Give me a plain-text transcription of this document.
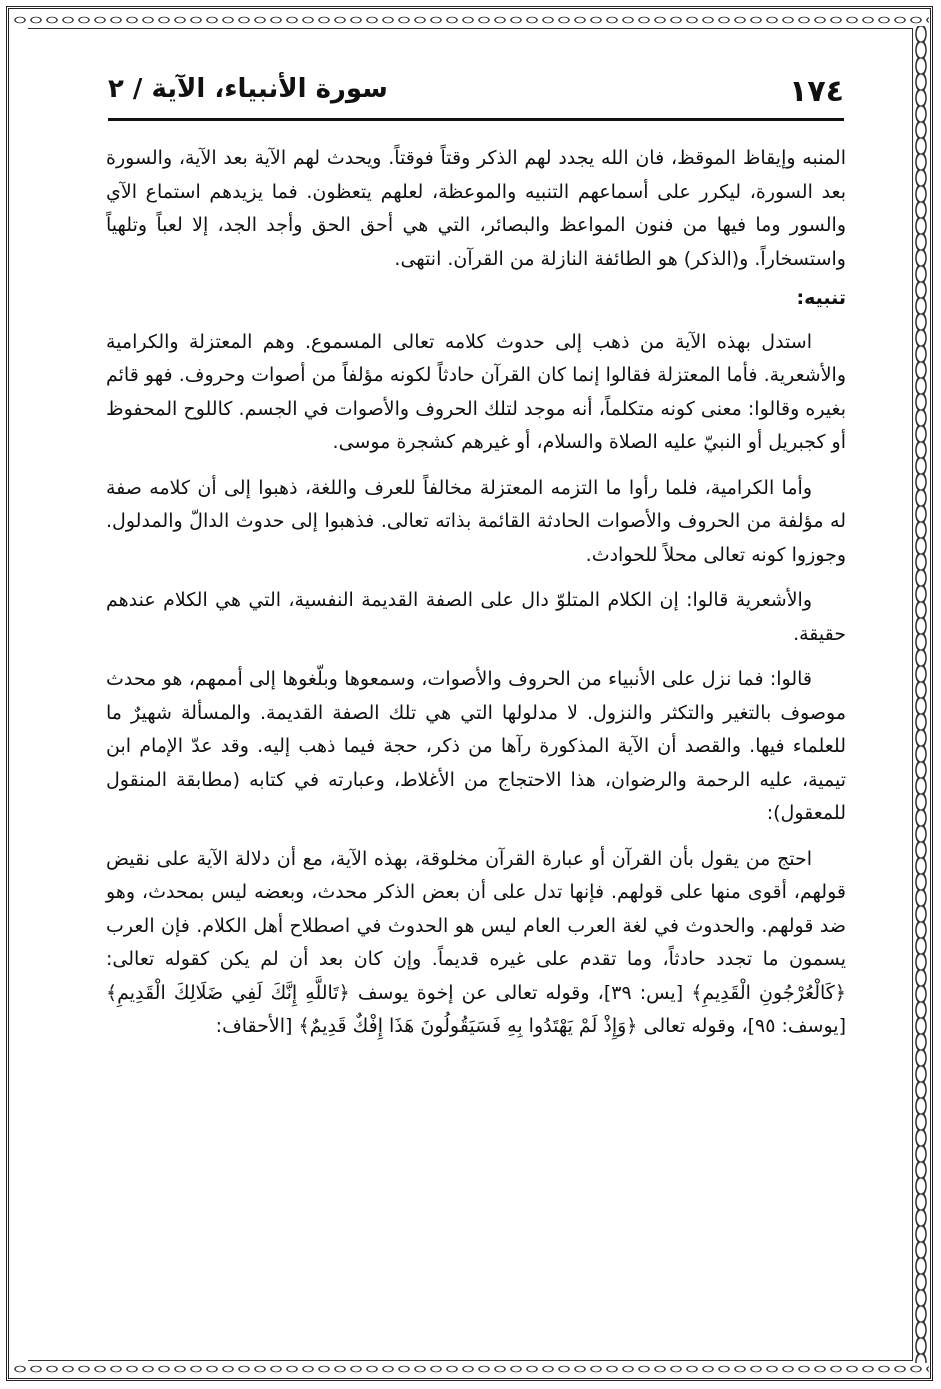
١٧٤
سورة الأنبياء، الآية / ٢

المنبه وإيقاظ الموقظ، فان الله يجدد لهم الذكر وقتاً فوقتاً. ويحدث لهم الآية بعد الآية، والسورة بعد السورة، ليكرر على أسماعهم التنبيه والموعظة، لعلهم يتعظون. فما يزيدهم استماع الآي والسور وما فيها من فنون المواعظ والبصائر، التي هي أحق الحق وأجد الجد، إلا لعباً وتلهياً واستسخاراً. و(الذكر) هو الطائفة النازلة من القرآن. انتهى.

تنبيه:

استدل بهذه الآية من ذهب إلى حدوث كلامه تعالى المسموع. وهم المعتزلة والكرامية والأشعرية. فأما المعتزلة فقالوا إنما كان القرآن حادثاً لكونه مؤلفاً من أصوات وحروف. فهو قائم بغيره وقالوا: معنى كونه متكلماً، أنه موجد لتلك الحروف والأصوات في الجسم. كاللوح المحفوظ أو كجبريل أو النبيّ عليه الصلاة والسلام، أو غيرهم كشجرة موسى.

وأما الكرامية، فلما رأوا ما التزمه المعتزلة مخالفاً للعرف واللغة، ذهبوا إلى أن كلامه صفة له مؤلفة من الحروف والأصوات الحادثة القائمة بذاته تعالى. فذهبوا إلى حدوث الدالّ والمدلول. وجوزوا كونه تعالى محلاً للحوادث.

والأشعرية قالوا: إن الكلام المتلوّ دال على الصفة القديمة النفسية، التي هي الكلام عندهم حقيقة.

قالوا: فما نزل على الأنبياء من الحروف والأصوات، وسمعوها وبلّغوها إلى أممهم، هو محدث موصوف بالتغير والتكثر والنزول. لا مدلولها التي هي تلك الصفة القديمة. والمسألة شهيرٌ ما للعلماء فيها. والقصد أن الآية المذكورة رآها من ذكر، حجة فيما ذهب إليه. وقد عدّ الإمام ابن تيمية، عليه الرحمة والرضوان، هذا الاحتجاج من الأغلاط، وعبارته في كتابه (مطابقة المنقول للمعقول):

احتج من يقول بأن القرآن أو عبارة القرآن مخلوقة، بهذه الآية، مع أن دلالة الآية على نقيض قولهم، أقوى منها على قولهم. فإنها تدل على أن بعض الذكر محدث، وبعضه ليس بمحدث، وهو ضد قولهم. والحدوث في لغة العرب العام ليس هو الحدوث في اصطلاح أهل الكلام. فإن العرب يسمون ما تجدد حادثاً، وما تقدم على غيره قديماً. وإن كان بعد أن لم يكن كقوله تعالى: ﴿كَالْعُرْجُونِ الْقَدِيمِ﴾ [يس: ٣٩]، وقوله تعالى عن إخوة يوسف ﴿تَاللَّهِ إِنَّكَ لَفِي ضَلَالِكَ الْقَدِيمِ﴾ [يوسف: ٩٥]، وقوله تعالى ﴿وَإِذْ لَمْ يَهْتَدُوا بِهِ فَسَيَقُولُونَ هَذَا إِفْكٌ قَدِيمٌ﴾ [الأحقاف:
